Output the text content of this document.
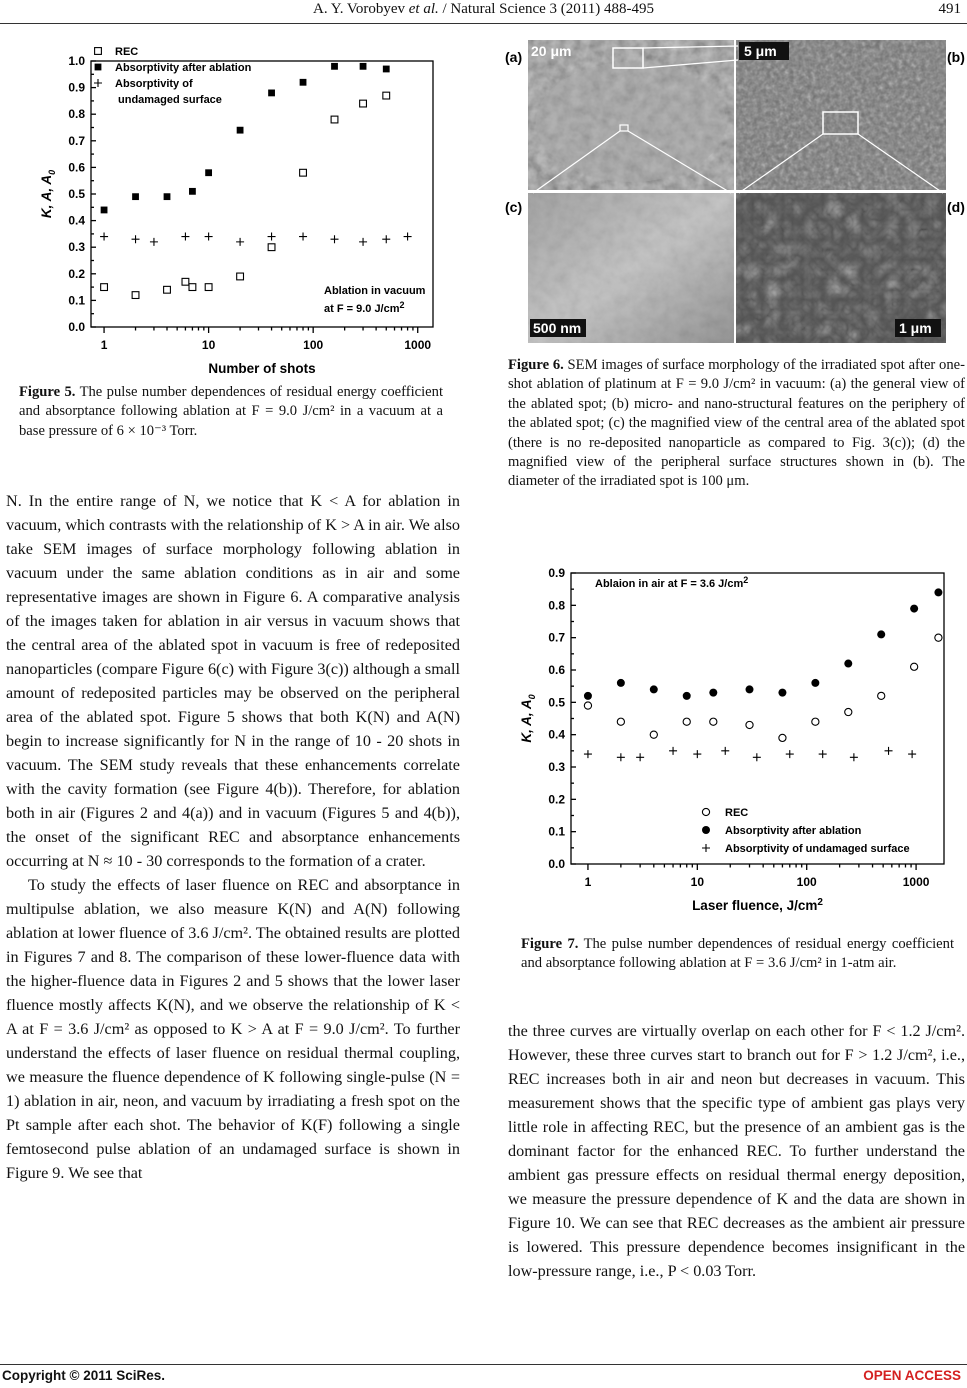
A. Y. Vorobyev et al. / Natural Science 3 (2011) 488-495	491
0.0
0.1
0.2
0.3
0.4
0.5
0.6
0.7
0.8
0.9
1.0
1	10	100	1000
Number of shots
K, A, $A_0$
REC
Absorptivity after ablation
Absorptivity of
undamaged surface
Ablation in vacuum
at F = 9.0 $J/cm^2$
Figure 5. The pulse number dependences of residual energy coefficient and absorptance following ablation at F = 9.0 J/cm² in a vacuum at a base pressure of 6 × 10⁻³ Torr.

N. In the entire range of N, we notice that K < A for ablation in vacuum, which contrasts with the relationship of K > A in air. We also take SEM images of surface morphology following ablation in vacuum under the same ablation conditions as in air and some representative images are shown in Figure 6. A comparative analysis of the images taken for ablation in air versus in vacuum shows that the central area of the ablated spot in vacuum is free of redeposited nanoparticles (compare Figure 6(c) with Figure 3(c)) although a small amount of redeposited particles may be observed on the peripheral area of the ablated spot. Figure 5 shows that both K(N) and A(N) begin to increase significantly for N in the range of 10 - 20 shots in vacuum. The SEM study reveals that these enhancements correlate with the cavity formation (see Figure 4(b)). Therefore, for ablation both in air (Figures 2 and 4(a)) and in vacuum (Figures 5 and 4(b)), the onset of the significant REC and absorptance enhancements occurring at N ≈ 10 - 30 corresponds to the formation of a crater.

To study the effects of laser fluence on REC and absorptance in multipulse ablation, we also measure K(N) and A(N) following ablation at lower fluence of 3.6 J/cm². The obtained results are plotted in Figures 7 and 8. The comparison of these lower-fluence data with the higher-fluence data in Figures 2 and 5 shows that the lower laser fluence mostly affects K(N), and we observe the relationship of K < A at F = 3.6 J/cm² as opposed to K > A at F = 9.0 J/cm². To further understand the effects of laser fluence on residual thermal coupling, we measure the fluence dependence of K following single-pulse (N = 1) ablation in air, neon, and vacuum by irradiating a fresh spot on the Pt sample after each shot. The behavior of K(F) following a single femtosecond pulse ablation of an undamaged surface is shown in Figure 9. We see that

20 μm	5 μm
500 nm	1 μm
(a)	(b)
(c)	(d)
Figure 6. SEM images of surface morphology of the irradiated spot after one-shot ablation of platinum at F = 9.0 J/cm² in vacuum: (a) the general view of the ablated spot; (b) micro- and nano-structural features on the periphery of the ablated spot; (c) the magnified view of the central area of the ablated spot (there is no re-deposited nanoparticle as compared to Fig. 3(c)); (d) the magnified view of the peripheral surface structures shown in (b). The diameter of the irradiated spot is 100 μm.
0.0
0.1
0.2
0.3
0.4
0.5
0.6
0.7
0.8
0.9
1	10	100	1000
Laser fluence, $J/cm^2$
K, A, $A_0$
Ablaion in air at F = 3.6 $J/cm^2$
REC
Absorptivity after ablation
Absorptivity of undamaged surface
Figure 7. The pulse number dependences of residual energy coefficient and absorptance following ablation at F = 3.6 J/cm² in 1-atm air.

the three curves are virtually overlap on each other for F < 1.2 J/cm². However, these three curves start to branch out for F > 1.2 J/cm², i.e., REC increases both in air and neon but decreases in vacuum. This measurement shows that the specific type of ambient gas plays very little role in affecting REC, but the presence of an ambient gas is the dominant factor for the enhanced REC. To further understand the ambient gas pressure effects on residual thermal energy deposition, we measure the pressure dependence of K and the data are shown in Figure 10. We can see that REC decreases as the ambient air pressure is lowered. This pressure dependence becomes insignificant in the low-pressure range, i.e., P < 0.03 Torr.

Copyright © 2011 SciRes.	OPEN ACCESS
